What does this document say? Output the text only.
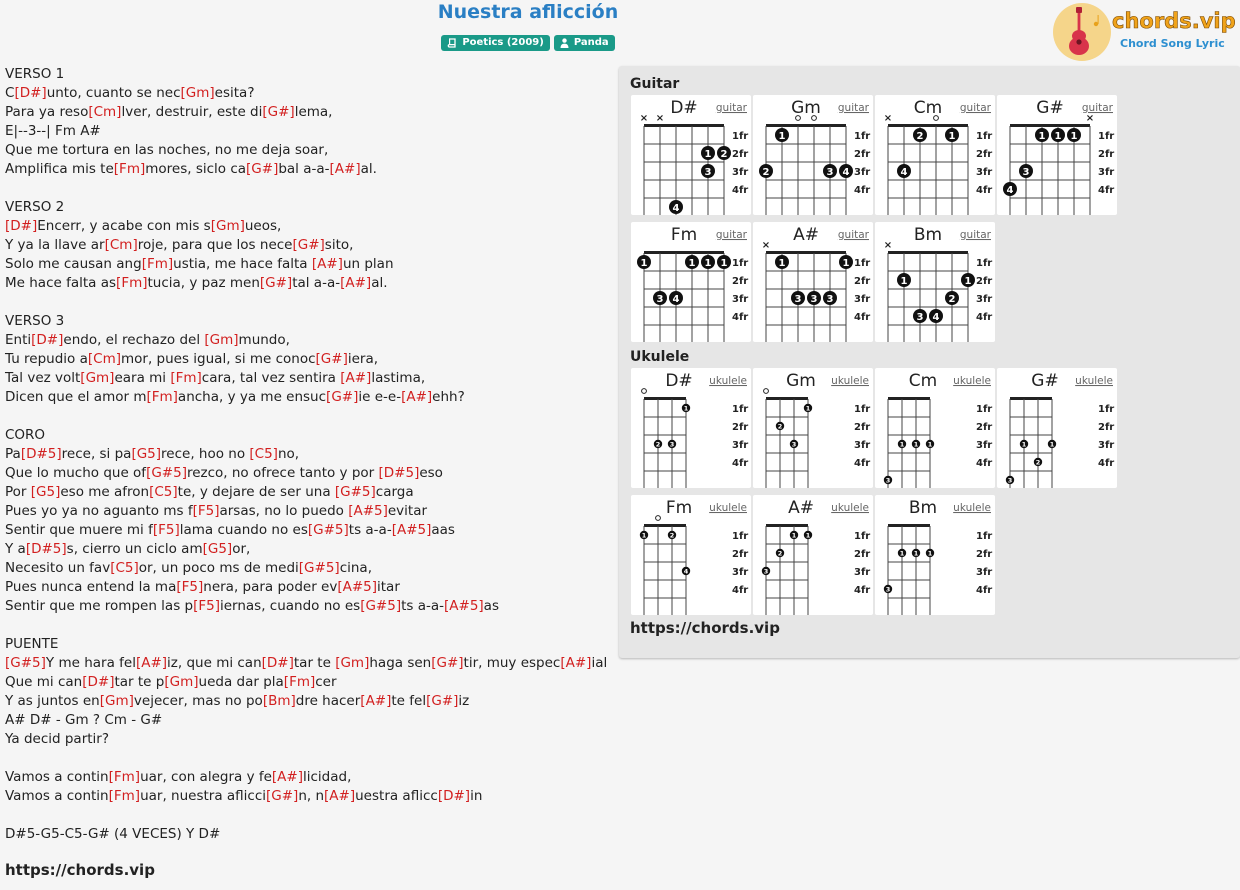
Nuestra aflicción
Poetics (2009)	Panda
chords.vip
Chord Song Lyric
VERSO 1
C[D#]unto, cuanto se nec[Gm]esita?
Para ya reso[Cm]lver, destruir, este di[G#]lema,
E|--3--| Fm A#
Que me tortura en las noches, no me deja soar,
Amplifica mis te[Fm]mores, siclo ca[G#]bal a-a-[A#]al.
VERSO 2
[D#]Encerr, y acabe con mis s[Gm]ueos,
Y ya la llave ar[Cm]roje, para que los nece[G#]sito,
Solo me causan ang[Fm]ustia, me hace falta [A#]un plan
Me hace falta as[Fm]tucia, y paz men[G#]tal a-a-[A#]al.
VERSO 3
Enti[D#]endo, el rechazo del [Gm]mundo,
Tu repudio a[Cm]mor, pues igual, si me conoc[G#]iera,
Tal vez volt[Gm]eara mi [Fm]cara, tal vez sentira [A#]lastima,
Dicen que el amor m[Fm]ancha, y ya me ensuc[G#]ie e-e-[A#]ehh?
CORO
Pa[D#5]rece, si pa[G5]rece, hoo no [C5]no,
Que lo mucho que of[G#5]rezco, no ofrece tanto y por [D#5]eso
Por [G5]eso me afron[C5]te, y dejare de ser una [G#5]carga
Pues yo ya no aguanto ms f[F5]arsas, no lo puedo [A#5]evitar
Sentir que muere mi f[F5]lama cuando no es[G#5]ts a-a-[A#5]aas
Y a[D#5]s, cierro un ciclo am[G5]or,
Necesito un fav[C5]or, un poco ms de medi[G#5]cina,
Pues nunca entend la ma[F5]nera, para poder ev[A#5]itar
Sentir que me rompen las p[F5]iernas, cuando no es[G#5]ts a-a-[A#5]as
PUENTE
[G#5]Y me hara fel[A#]iz, que mi can[D#]tar te [Gm]haga sen[G#]tir, muy espec[A#]ial
Que mi can[D#]tar te p[Gm]ueda dar pla[Fm]cer
Y as juntos en[Gm]vejecer, mas no po[Bm]dre hacer[A#]te fel[G#]iz
A# D# - Gm ? Cm - G#
Ya decid partir?
Vamos a contin[Fm]uar, con alegra y fe[A#]licidad,
Vamos a contin[Fm]uar, nuestra aflicci[G#]n, n[A#]uestra aflicc[D#]in
D#5-G5-C5-G# (4 VECES) Y D#
https://chords.vip
Guitar
D# guitar
1fr
2fr
3fr
4fr
× ×
2
1
3
4
Gm guitar
1fr
2fr
3fr
4fr
2
1
3 4
Cm guitar
1fr
2fr
3fr
4fr
×
2	1
4
G# guitar
1fr
2fr
3fr
4fr
×
1 1 1
3
4
Fm guitar
1fr
2fr
3fr
4fr
1	1 1 1
3 4
A# guitar
1fr
2fr
3fr
4fr
×
1	1
3 3 3
Bm guitar
1fr
2fr
3fr
4fr
×
1	1
2
3 4
Ukulele
D# ukulele
1fr
2fr
3fr
4fr
1
2 3
Gm ukulele
1fr
2fr
3fr
4fr
1
2
3
Cm ukulele
1fr
2fr
3fr
4fr
1 1 1
3
G# ukulele
1fr
2fr
3fr
4fr
1	1
2
3
Fm ukulele
1fr
2fr
3fr
4fr
1	2
4
A# ukulele
1fr
2fr
3fr
4fr
1 1
2
3
Bm ukulele
1fr
2fr
3fr
4fr
1 1 1
3
https://chords.vip
